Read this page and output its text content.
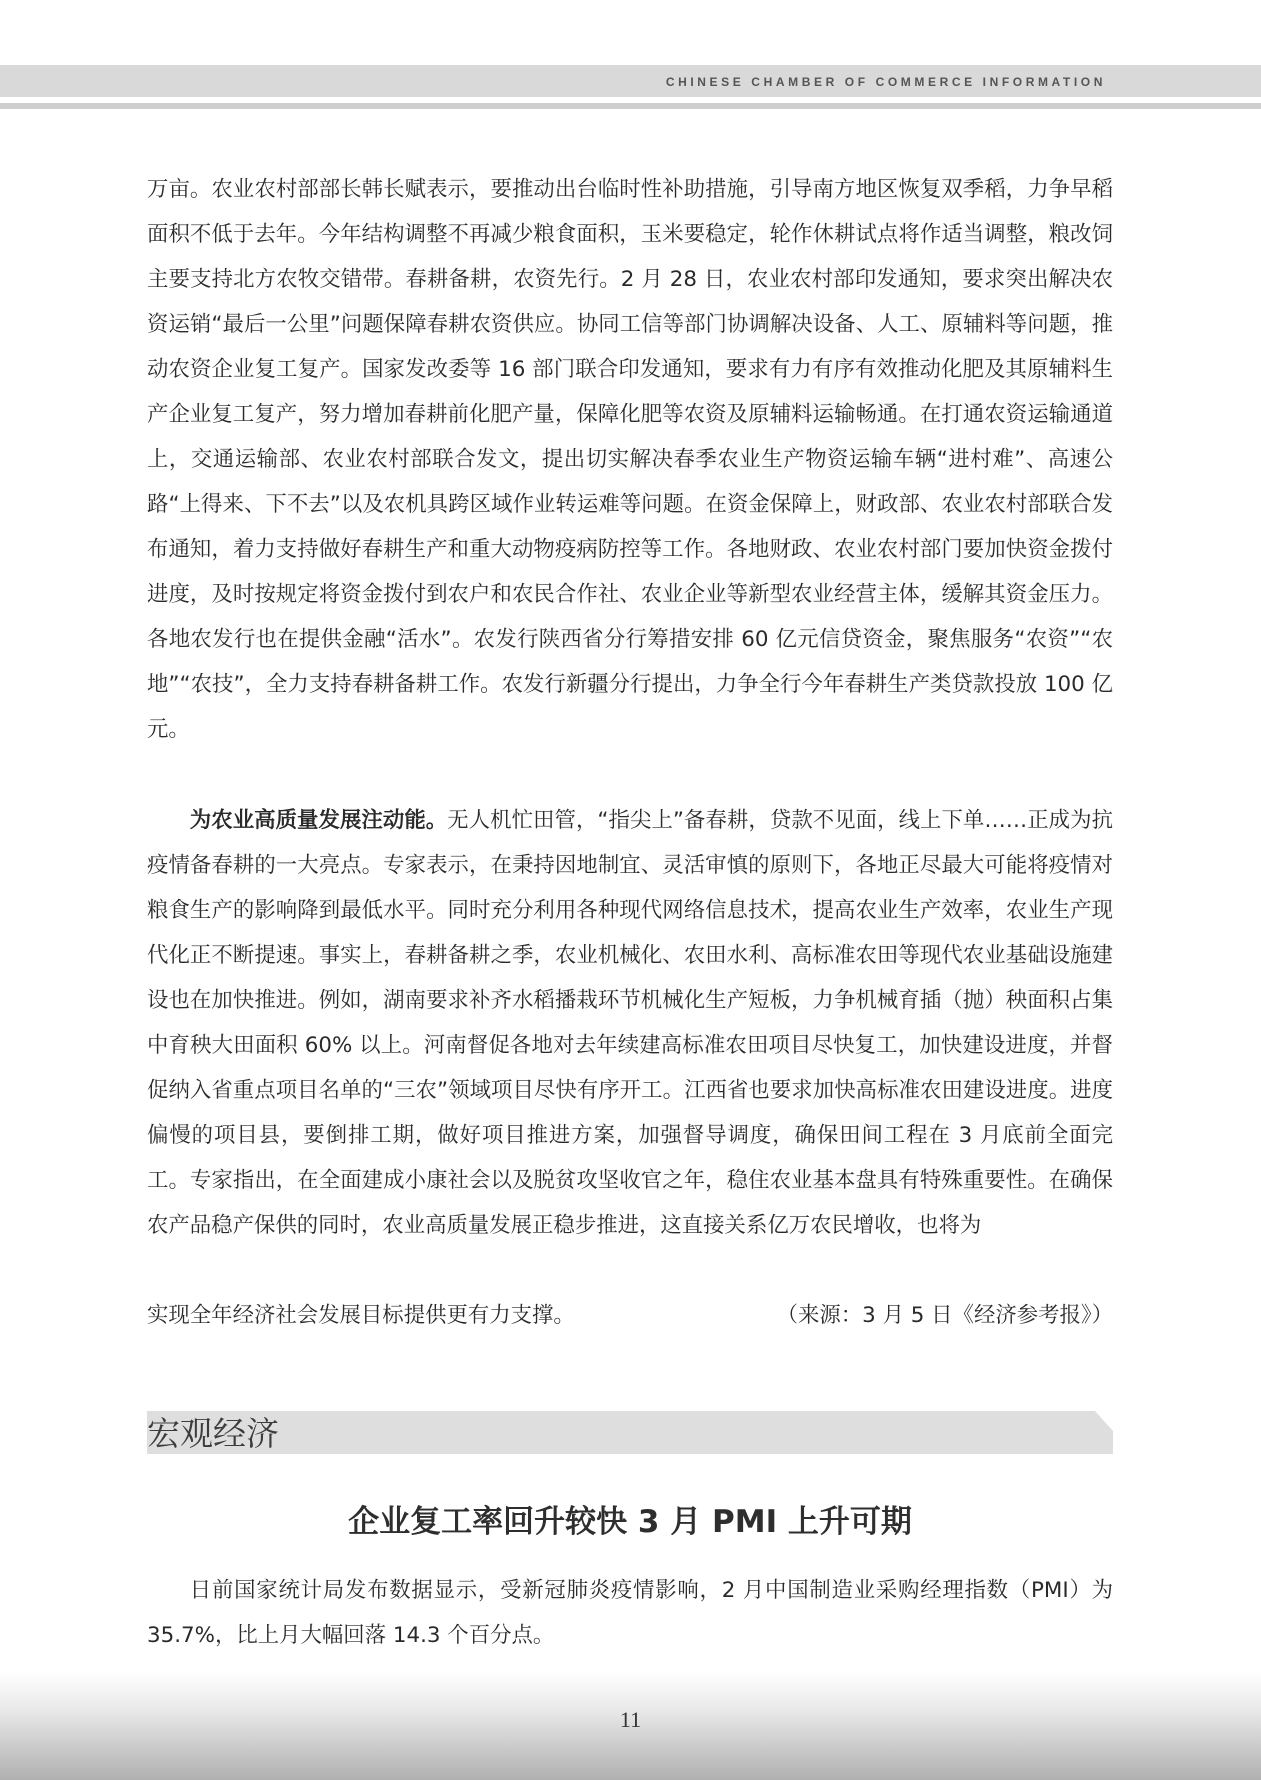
CHINESE CHAMBER OF COMMERCE INFORMATION

万亩。农业农村部部长韩长赋表示，要推动出台临时性补助措施，引导南方地区恢复双季稻，力争早稻面积不低于去年。今年结构调整不再减少粮食面积，玉米要稳定，轮作休耕试点将作适当调整，粮改饲主要支持北方农牧交错带。春耕备耕，农资先行。2 月 28 日，农业农村部印发通知，要求突出解决农资运销“最后一公里”问题保障春耕农资供应。协同工信等部门协调解决设备、人工、原辅料等问题，推动农资企业复工复产。国家发改委等 16 部门联合印发通知，要求有力有序有效推动化肥及其原辅料生产企业复工复产，努力增加春耕前化肥产量，保障化肥等农资及原辅料运输畅通。在打通农资运输通道上，交通运输部、农业农村部联合发文，提出切实解决春季农业生产物资运输车辆“进村难”、高速公路“上得来、下不去”以及农机具跨区域作业转运难等问题。在资金保障上，财政部、农业农村部联合发布通知，着力支持做好春耕生产和重大动物疫病防控等工作。各地财政、农业农村部门要加快资金拨付进度，及时按规定将资金拨付到农户和农民合作社、农业企业等新型农业经营主体，缓解其资金压力。各地农发行也在提供金融“活水”。农发行陕西省分行筹措安排 60 亿元信贷资金，聚焦服务“农资”“农地”“农技”，全力支持春耕备耕工作。农发行新疆分行提出，力争全行今年春耕生产类贷款投放 100 亿元。

为农业高质量发展注动能。无人机忙田管，“指尖上”备春耕，贷款不见面，线上下单……正成为抗疫情备春耕的一大亮点。专家表示，在秉持因地制宜、灵活审慎的原则下，各地正尽最大可能将疫情对粮食生产的影响降到最低水平。同时充分利用各种现代网络信息技术，提高农业生产效率，农业生产现代化正不断提速。事实上，春耕备耕之季，农业机械化、农田水利、高标准农田等现代农业基础设施建设也在加快推进。例如，湖南要求补齐水稻播栽环节机械化生产短板，力争机械育插（抛）秧面积占集中育秧大田面积 60% 以上。河南督促各地对去年续建高标准农田项目尽快复工，加快建设进度，并督促纳入省重点项目名单的“三农”领域项目尽快有序开工。江西省也要求加快高标准农田建设进度。进度偏慢的项目县，要倒排工期，做好项目推进方案，加强督导调度，确保田间工程在 3 月底前全面完工。专家指出，在全面建成小康社会以及脱贫攻坚收官之年，稳住农业基本盘具有特殊重要性。在确保农产品稳产保供的同时，农业高质量发展正稳步推进，这直接关系亿万农民增收，也将为

实现全年经济社会发展目标提供更有力支撑。	（来源：3 月 5 日《经济参考报》）
宏观经济
企业复工率回升较快 3 月 PMI 上升可期

日前国家统计局发布数据显示，受新冠肺炎疫情影响，2 月中国制造业采购经理指数（PMI）为 35.7%，比上月大幅回落 14.3 个百分点。

11
